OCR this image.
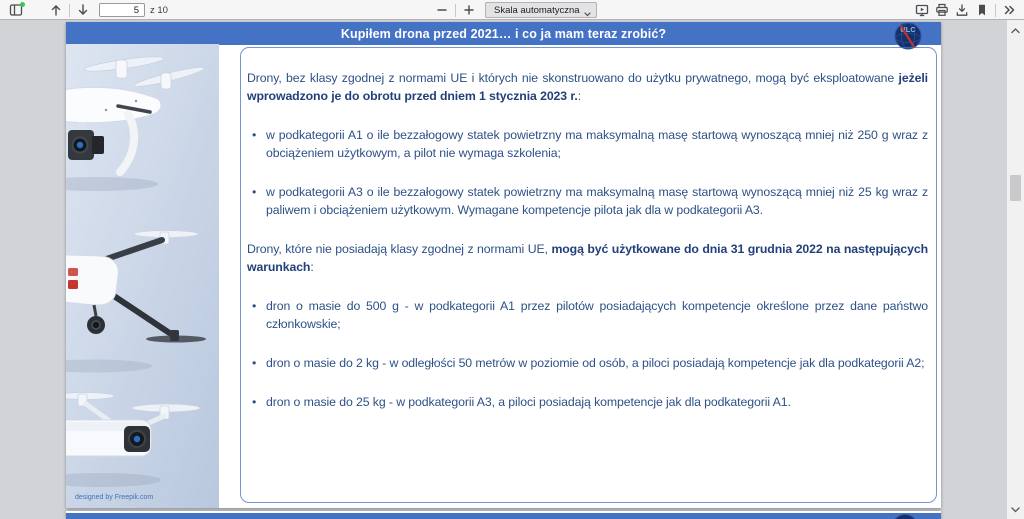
5
z 10	Skala automatyczna
Kupiłem drona przed 2021… i co ja mam teraz zrobić?	ULC
designed by Freepik.com

Drony, bez klasy zgodnej z normami UE i których nie skonstruowano do użytku prywatnego, mogą być eksploatowane jeżeli wprowadzono je do obrotu przed dniem 1 stycznia 2023 r.:

• w podkategorii A1 o ile bezzałogowy statek powietrzny ma maksymalną masę startową wynoszącą mniej niż 250 g wraz z obciążeniem użytkowym, a pilot nie wymaga szkolenia;
• w podkategorii A3 o ile bezzałogowy statek powietrzny ma maksymalną masę startową wynoszącą mniej niż 25 kg wraz z paliwem i obciążeniem użytkowym. Wymagane kompetencje pilota jak dla w podkategorii A3.

Drony, które nie posiadają klasy zgodnej z normami UE, mogą być użytkowane do dnia 31 grudnia 2022 na następujących warunkach:

• dron o masie do 500 g - w podkategorii A1 przez pilotów posiadających kompetencje określone przez dane państwo członkowskie;
• dron o masie do 2 kg - w odległości 50 metrów w poziomie od osób, a piloci posiadają kompetencje jak dla podkategorii A2;
• dron o masie do 25 kg - w podkategorii A3, a piloci posiadają kompetencje jak dla podkategorii A1.
